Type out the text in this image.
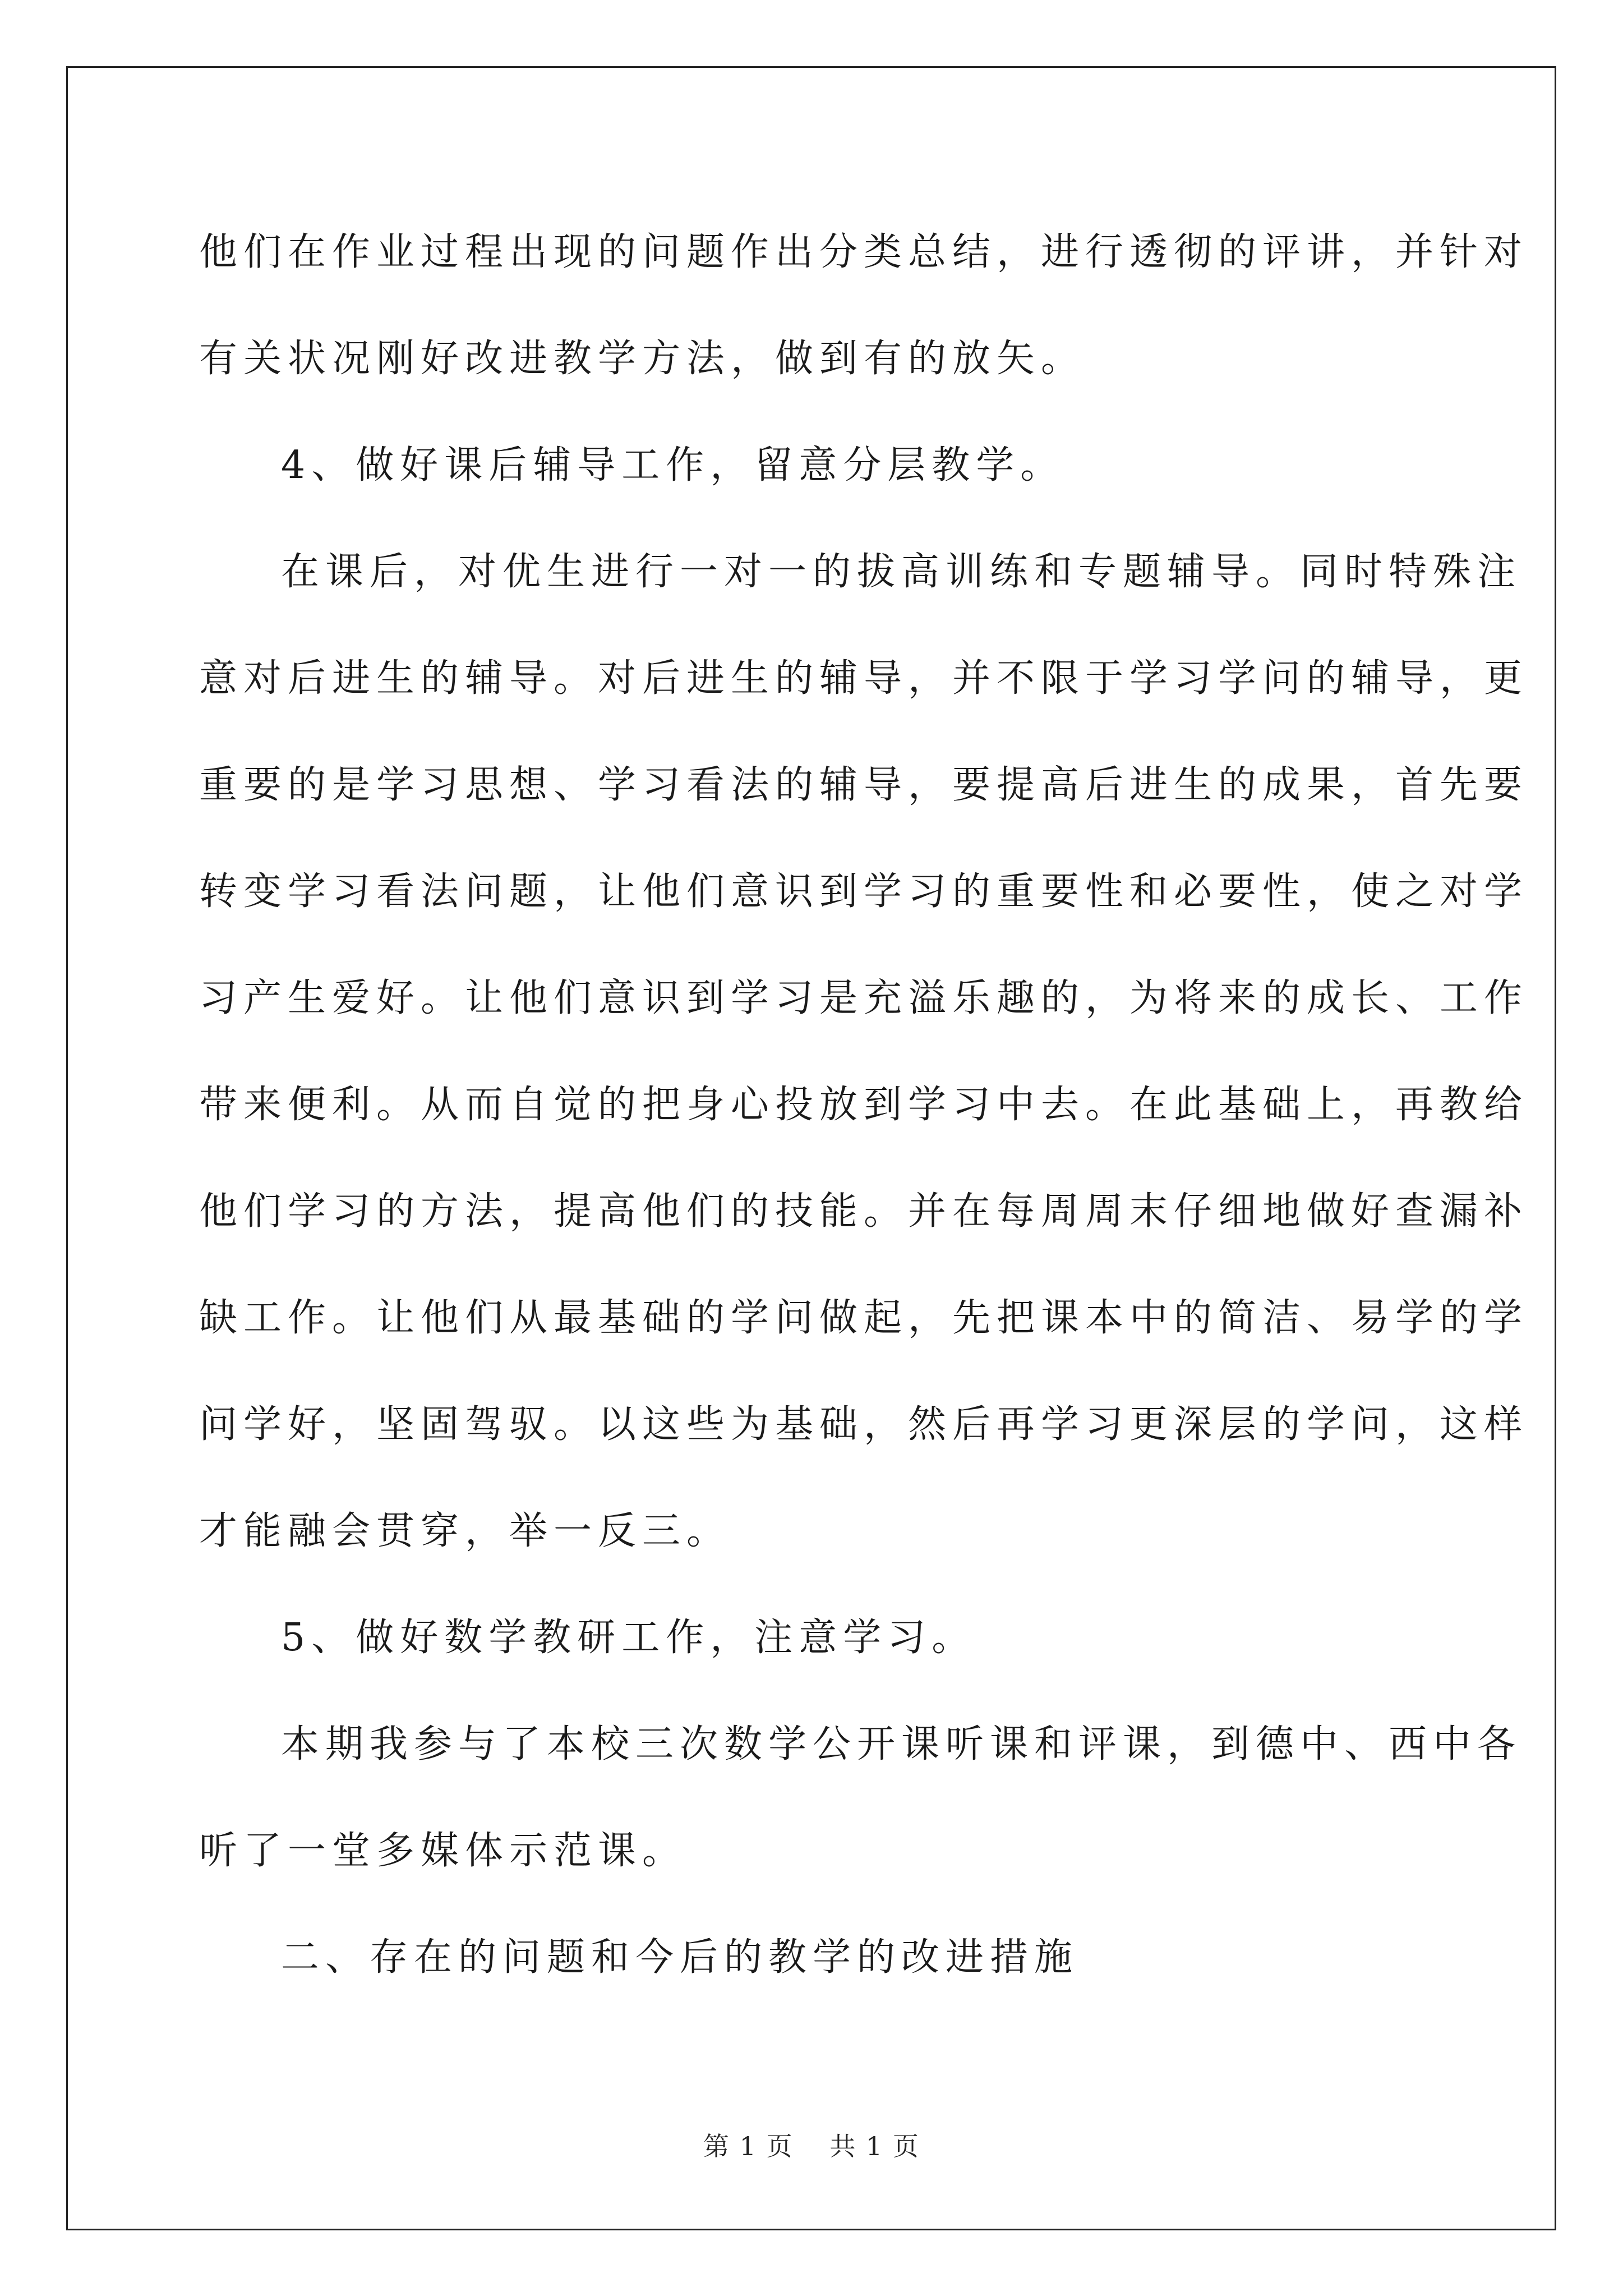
他们在作业过程出现的问题作出分类总结，进行透彻的评讲，并针对
有关状况刚好改进教学方法，做到有的放矢。
4、做好课后辅导工作，留意分层教学。
在课后，对优生进行一对一的拔高训练和专题辅导。同时特殊注
意对后进生的辅导。对后进生的辅导，并不限于学习学问的辅导，更
重要的是学习思想、学习看法的辅导，要提高后进生的成果，首先要
转变学习看法问题，让他们意识到学习的重要性和必要性，使之对学
习产生爱好。让他们意识到学习是充溢乐趣的，为将来的成长、工作
带来便利。从而自觉的把身心投放到学习中去。在此基础上，再教给
他们学习的方法，提高他们的技能。并在每周周末仔细地做好查漏补
缺工作。让他们从最基础的学问做起，先把课本中的简洁、易学的学
问学好，坚固驾驭。以这些为基础，然后再学习更深层的学问，这样
才能融会贯穿，举一反三。
5、做好数学教研工作，注意学习。
本期我参与了本校三次数学公开课听课和评课，到德中、西中各
听了一堂多媒体示范课。
二、存在的问题和今后的教学的改进措施
第 1 页 共 1 页
